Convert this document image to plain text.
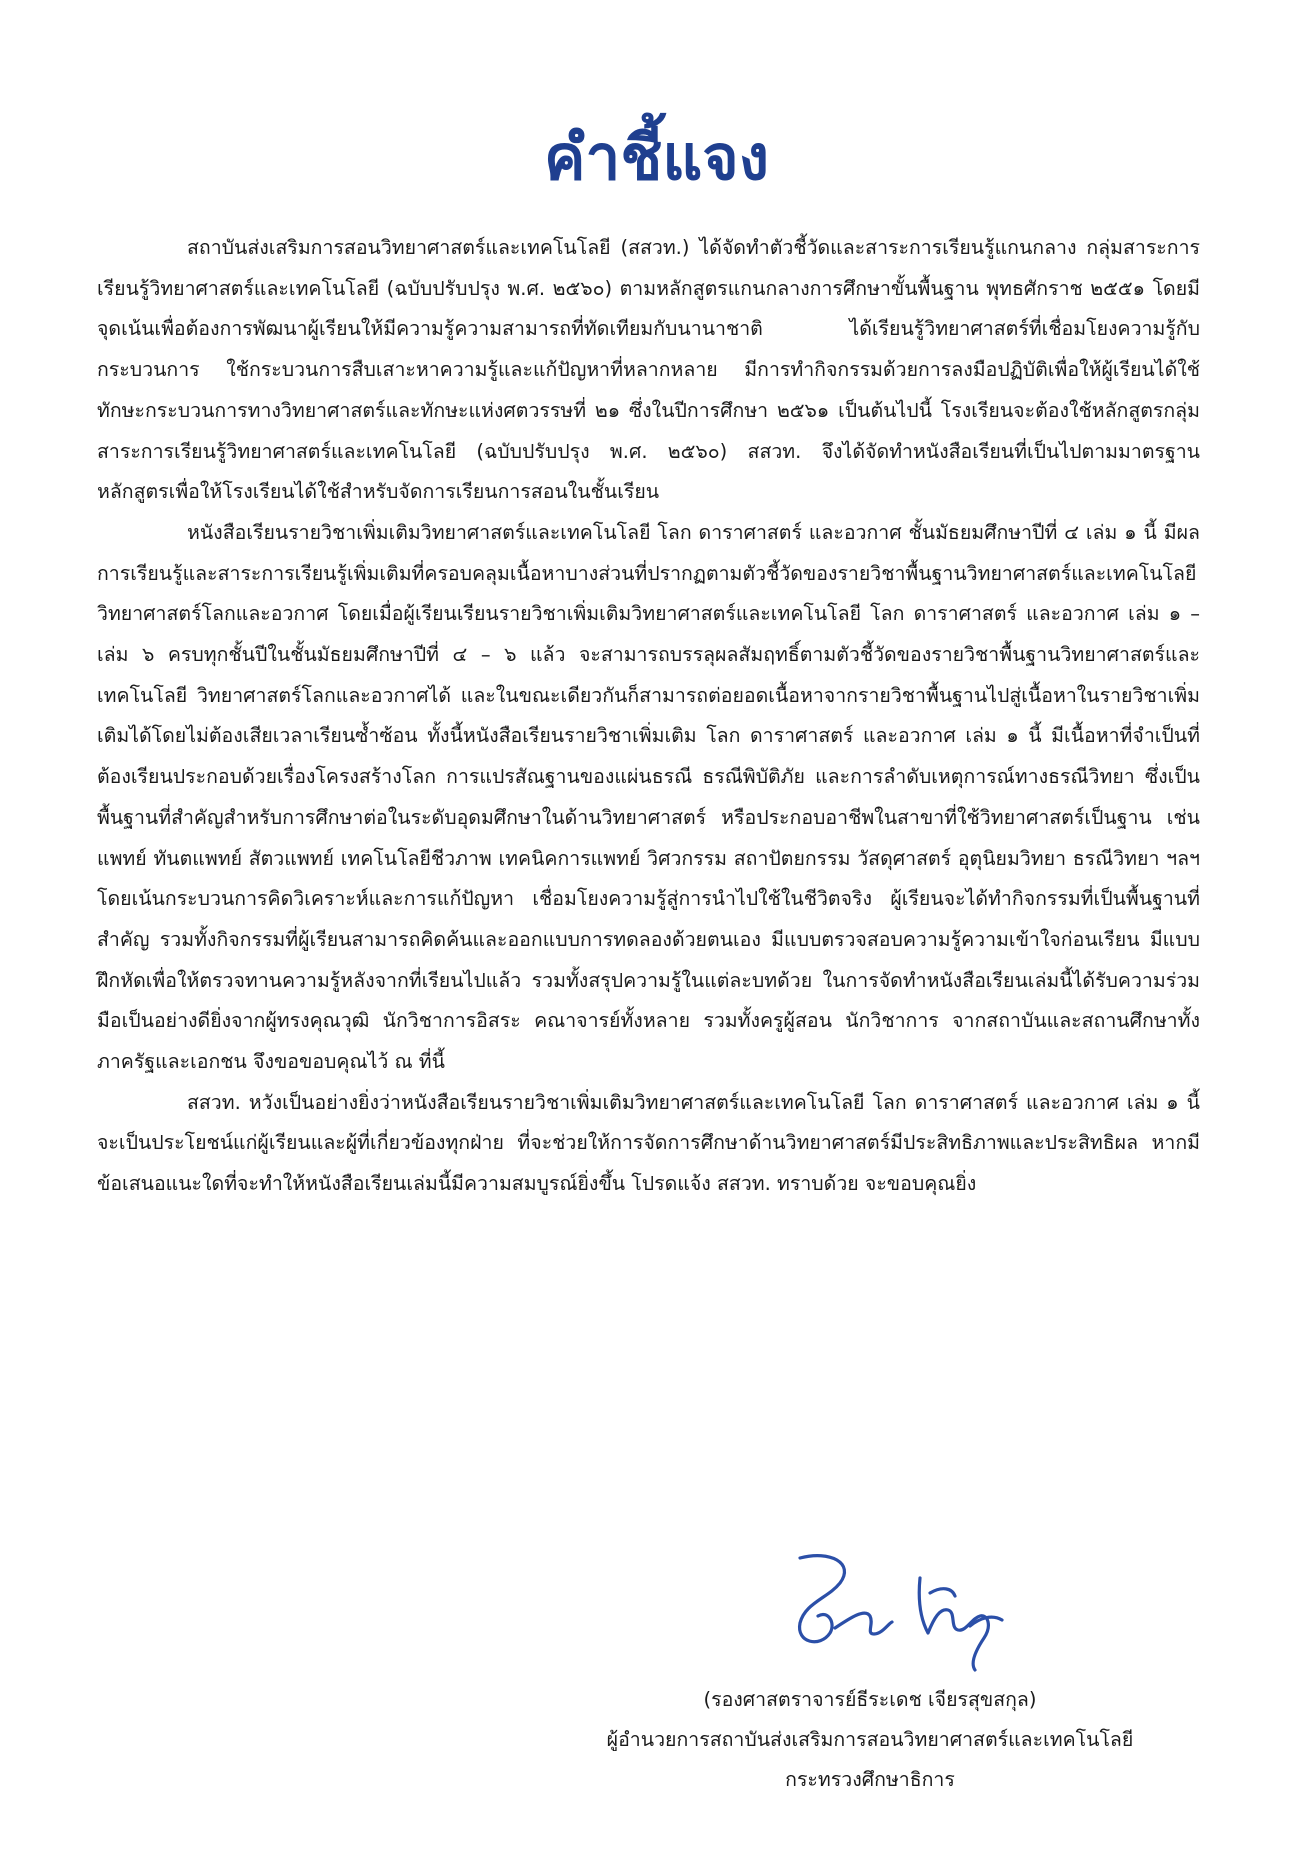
คำชี้แจง

สถาบันส่งเสริมการสอนวิทยาศาสตร์และเทคโนโลยี (สสวท.) ได้จัดทำตัวชี้วัดและสาระการเรียนรู้แกนกลาง กลุ่มสาระการเรียนรู้วิทยาศาสตร์และเทคโนโลยี (ฉบับปรับปรุง พ.ศ. ๒๕๖๐) ตามหลักสูตรแกนกลางการศึกษาขั้นพื้นฐาน พุทธศักราช ๒๕๕๑ โดยมีจุดเน้นเพื่อต้องการพัฒนาผู้เรียนให้มีความรู้ความสามารถที่ทัดเทียมกับนานาชาติ ได้เรียนรู้วิทยาศาสตร์ที่เชื่อมโยงความรู้กับกระบวนการ ใช้กระบวนการสืบเสาะหาความรู้และแก้ปัญหาที่หลากหลาย มีการทำกิจกรรมด้วยการลงมือปฏิบัติเพื่อให้ผู้เรียนได้ใช้ทักษะกระบวนการทางวิทยาศาสตร์และทักษะแห่งศตวรรษที่ ๒๑ ซึ่งในปีการศึกษา ๒๕๖๑ เป็นต้นไปนี้ โรงเรียนจะต้องใช้หลักสูตรกลุ่มสาระการเรียนรู้วิทยาศาสตร์และเทคโนโลยี (ฉบับปรับปรุง พ.ศ. ๒๕๖๐) สสวท. จึงได้จัดทำหนังสือเรียนที่เป็นไปตามมาตรฐานหลักสูตรเพื่อให้โรงเรียนได้ใช้สำหรับจัดการเรียนการสอนในชั้นเรียน

หนังสือเรียนรายวิชาเพิ่มเติมวิทยาศาสตร์และเทคโนโลยี โลก ดาราศาสตร์ และอวกาศ ชั้นมัธยมศึกษาปีที่ ๔ เล่ม ๑ นี้ มีผลการเรียนรู้และสาระการเรียนรู้เพิ่มเติมที่ครอบคลุมเนื้อหาบางส่วนที่ปรากฏตามตัวชี้วัดของรายวิชาพื้นฐานวิทยาศาสตร์และเทคโนโลยี วิทยาศาสตร์โลกและอวกาศ โดยเมื่อผู้เรียนเรียนรายวิชาเพิ่มเติมวิทยาศาสตร์และเทคโนโลยี โลก ดาราศาสตร์ และอวกาศ เล่ม ๑ – เล่ม ๖ ครบทุกชั้นปีในชั้นมัธยมศึกษาปีที่ ๔ – ๖ แล้ว จะสามารถบรรลุผลสัมฤทธิ์ตามตัวชี้วัดของรายวิชาพื้นฐานวิทยาศาสตร์และเทคโนโลยี วิทยาศาสตร์โลกและอวกาศได้ และในขณะเดียวกันก็สามารถต่อยอดเนื้อหาจากรายวิชาพื้นฐานไปสู่เนื้อหาในรายวิชาเพิ่มเติมได้โดยไม่ต้องเสียเวลาเรียนซ้ำซ้อน ทั้งนี้หนังสือเรียนรายวิชาเพิ่มเติม โลก ดาราศาสตร์ และอวกาศ เล่ม ๑ นี้ มีเนื้อหาที่จำเป็นที่ต้องเรียนประกอบด้วยเรื่องโครงสร้างโลก การแปรสัณฐานของแผ่นธรณี ธรณีพิบัติภัย และการลำดับเหตุการณ์ทางธรณีวิทยา ซึ่งเป็นพื้นฐานที่สำคัญสำหรับการศึกษาต่อในระดับอุดมศึกษาในด้านวิทยาศาสตร์ หรือประกอบอาชีพในสาขาที่ใช้วิทยาศาสตร์เป็นฐาน เช่น แพทย์ ทันตแพทย์ สัตวแพทย์ เทคโนโลยีชีวภาพ เทคนิคการแพทย์ วิศวกรรม สถาปัตยกรรม วัสดุศาสตร์ อุตุนิยมวิทยา ธรณีวิทยา ฯลฯ โดยเน้นกระบวนการคิดวิเคราะห์และการแก้ปัญหา เชื่อมโยงความรู้สู่การนำไปใช้ในชีวิตจริง ผู้เรียนจะได้ทำกิจกรรมที่เป็นพื้นฐานที่สำคัญ รวมทั้งกิจกรรมที่ผู้เรียนสามารถคิดค้นและออกแบบการทดลองด้วยตนเอง มีแบบตรวจสอบความรู้ความเข้าใจก่อนเรียน มีแบบฝึกหัดเพื่อให้ตรวจทานความรู้หลังจากที่เรียนไปแล้ว รวมทั้งสรุปความรู้ในแต่ละบทด้วย ในการจัดทำหนังสือเรียนเล่มนี้ได้รับความร่วมมือเป็นอย่างดียิ่งจากผู้ทรงคุณวุฒิ นักวิชาการอิสระ คณาจารย์ทั้งหลาย รวมทั้งครูผู้สอน นักวิชาการ จากสถาบันและสถานศึกษาทั้งภาครัฐและเอกชน จึงขอขอบคุณไว้ ณ ที่นี้

สสวท. หวังเป็นอย่างยิ่งว่าหนังสือเรียนรายวิชาเพิ่มเติมวิทยาศาสตร์และเทคโนโลยี โลก ดาราศาสตร์ และอวกาศ เล่ม ๑ นี้ จะเป็นประโยชน์แก่ผู้เรียนและผู้ที่เกี่ยวข้องทุกฝ่าย ที่จะช่วยให้การจัดการศึกษาด้านวิทยาศาสตร์มีประสิทธิภาพและประสิทธิผล หากมีข้อเสนอแนะใดที่จะทำให้หนังสือเรียนเล่มนี้มีความสมบูรณ์ยิ่งขึ้น โปรดแจ้ง สสวท. ทราบด้วย จะขอบคุณยิ่ง

(รองศาสตราจารย์ธีระเดช เจียรสุขสกุล)
ผู้อำนวยการสถาบันส่งเสริมการสอนวิทยาศาสตร์และเทคโนโลยี
กระทรวงศึกษาธิการ
